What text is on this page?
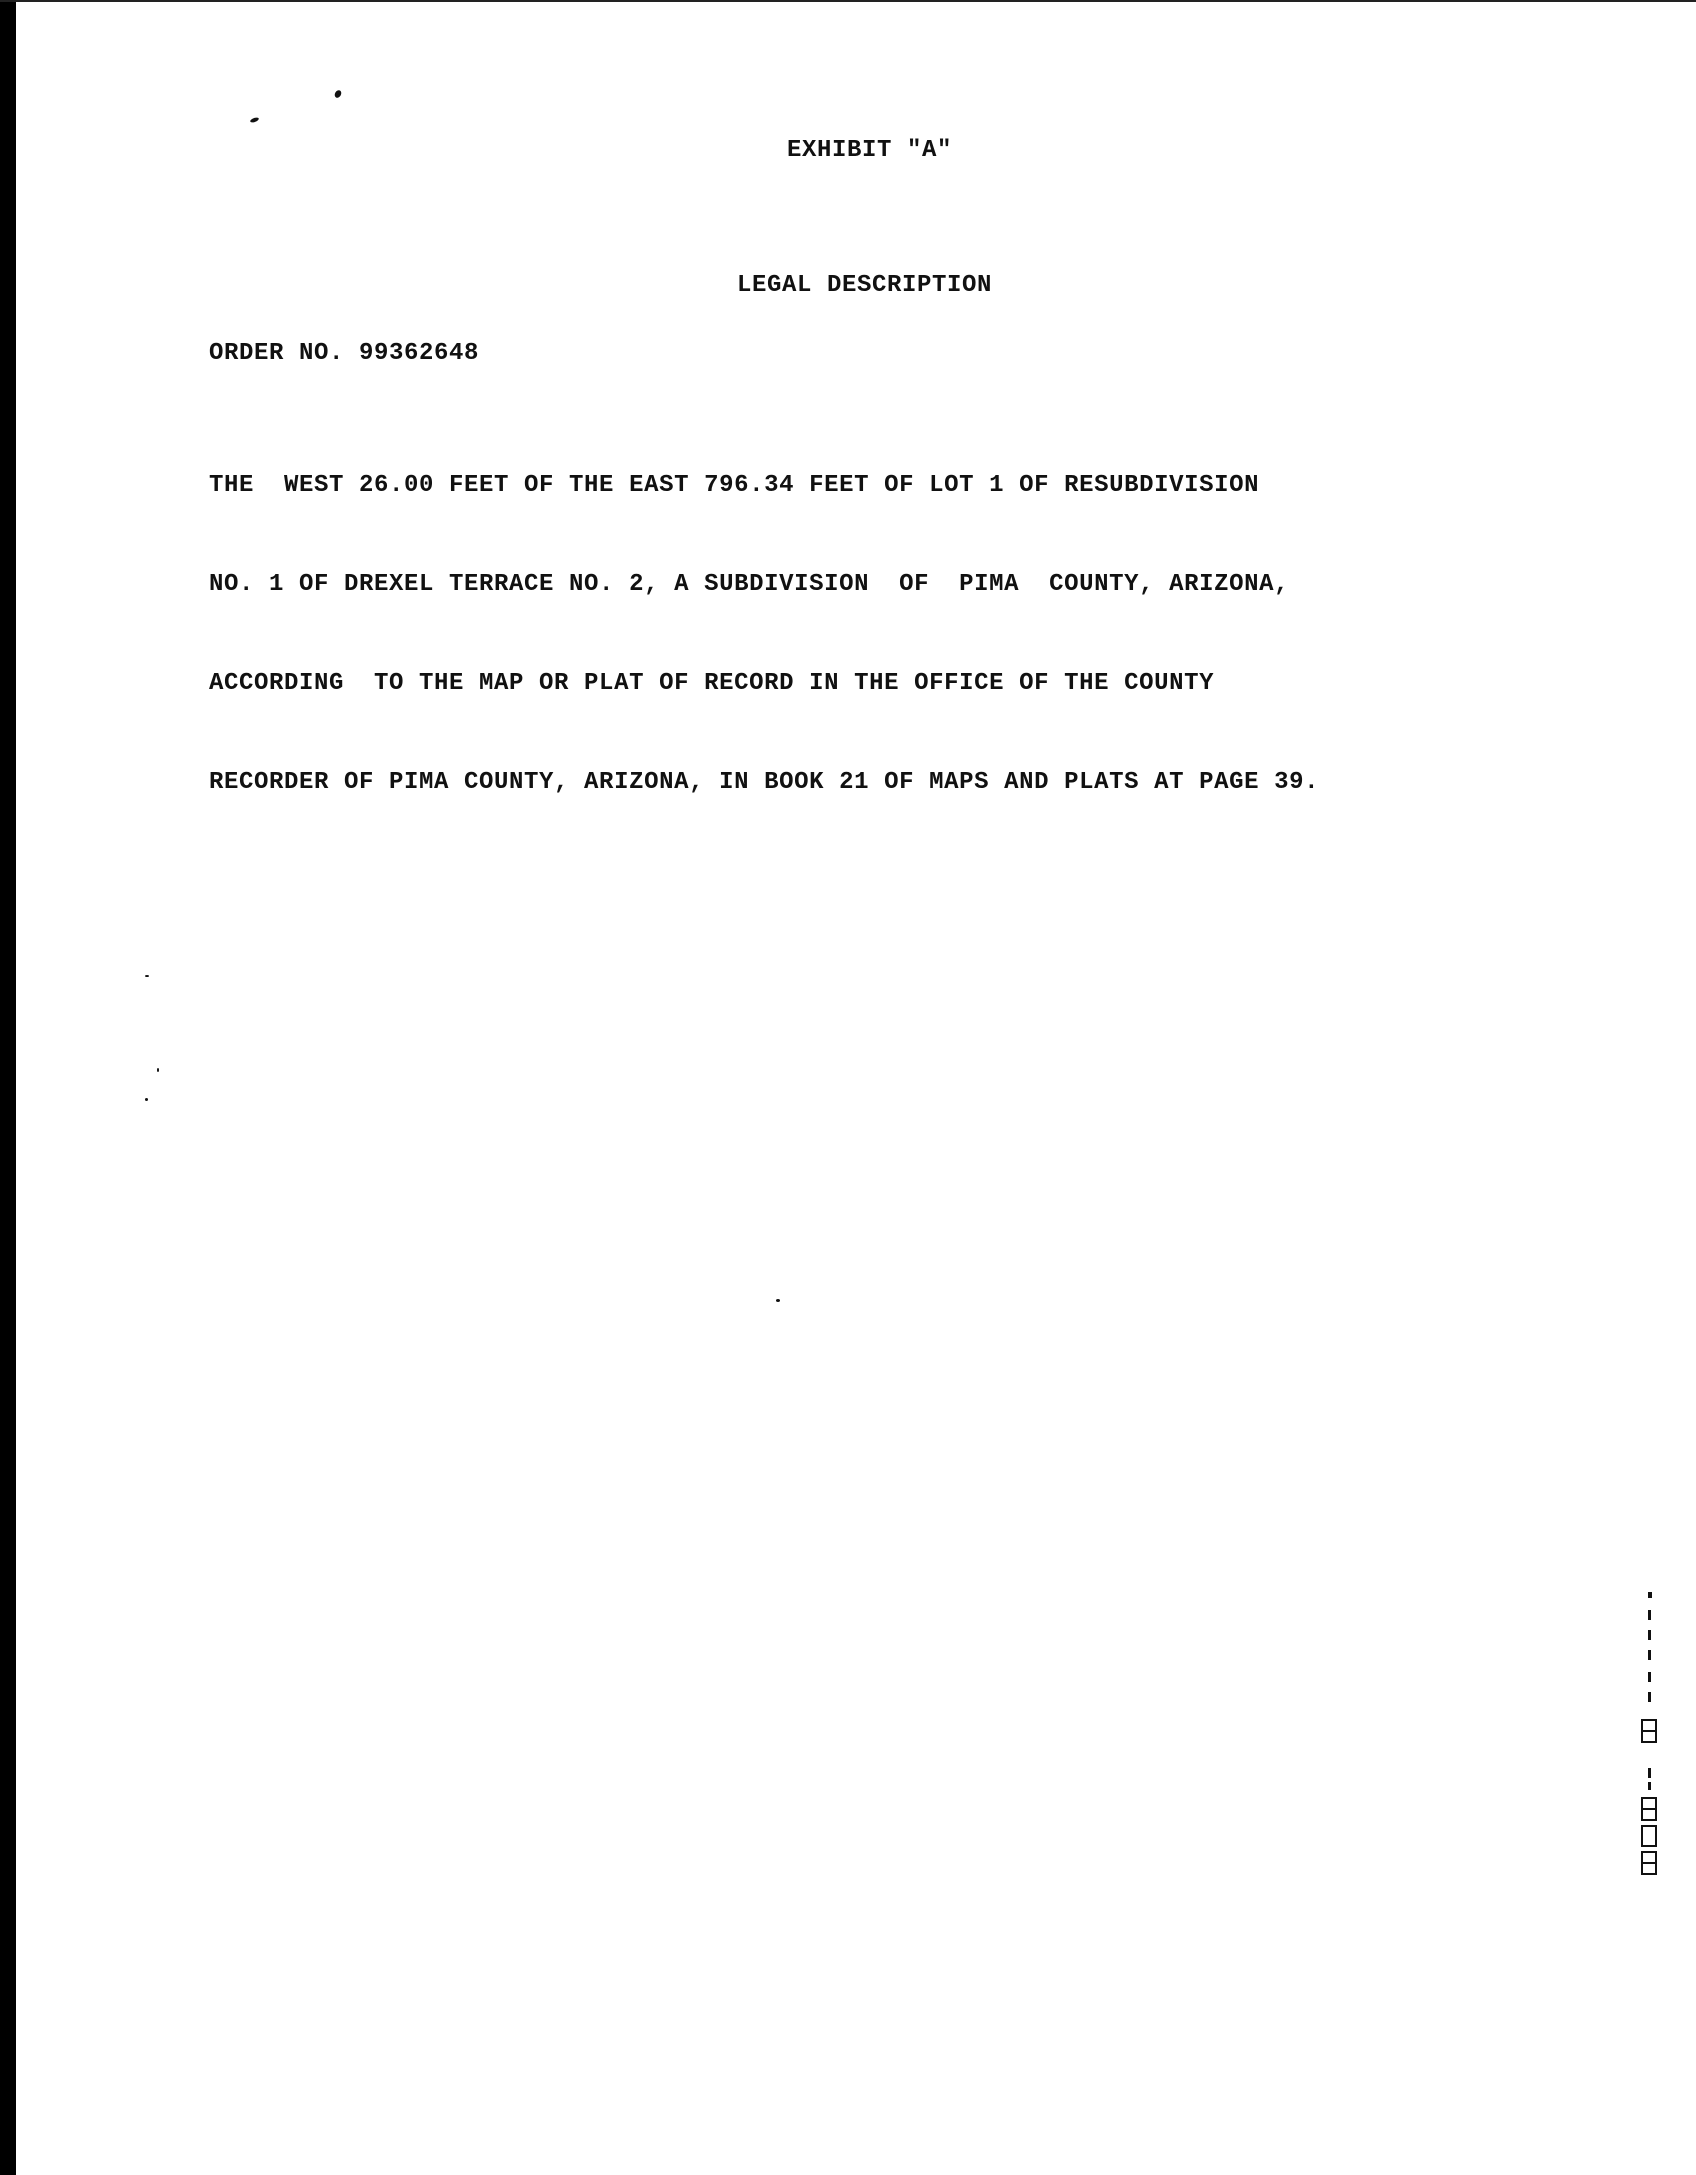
EXHIBIT "A"

LEGAL DESCRIPTION

ORDER NO. 99362648

THE  WEST 26.00 FEET OF THE EAST 796.34 FEET OF LOT 1 OF RESUBDIVISION

NO. 1 OF DREXEL TERRACE NO. 2, A SUBDIVISION  OF  PIMA  COUNTY, ARIZONA,

ACCORDING  TO THE MAP OR PLAT OF RECORD IN THE OFFICE OF THE COUNTY

RECORDER OF PIMA COUNTY, ARIZONA, IN BOOK 21 OF MAPS AND PLATS AT PAGE 39.
